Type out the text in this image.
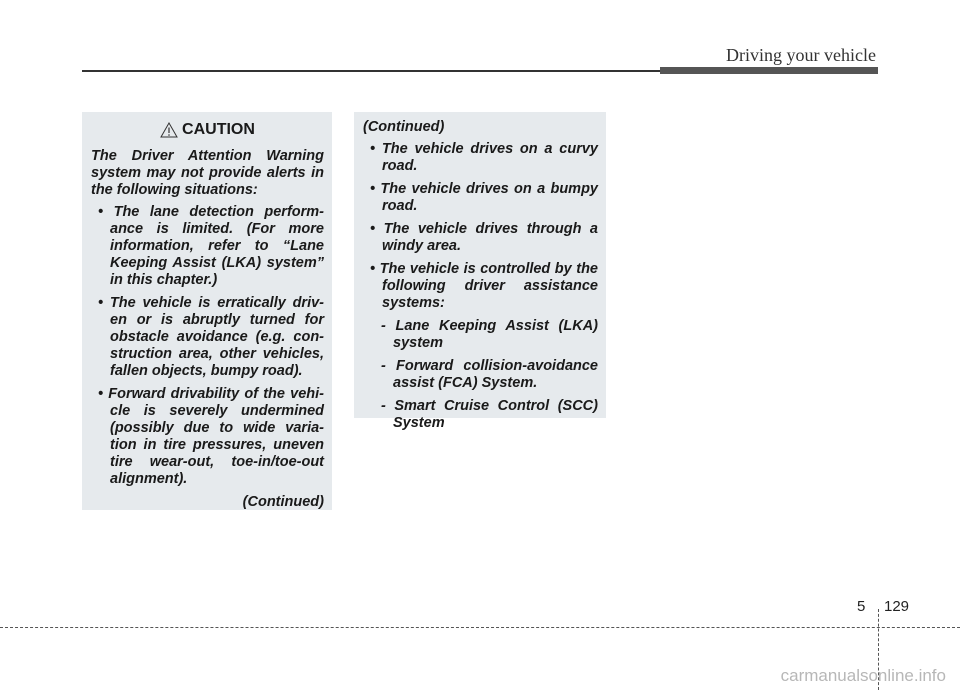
Driving your vehicle
CAUTION

The Driver Attention Warning system may not provide alerts in the following situations:

• The lane detection perform-ance is limited. (For more information, refer to “Lane Keeping Assist (LKA) system” in this chapter.)

• The vehicle is erratically driv-en or is abruptly turned for obstacle avoidance (e.g. con-struction area, other vehicles, fallen objects, bumpy road).

• Forward drivability of the vehi-cle is severely undermined (possibly due to wide varia-tion in tire pressures, uneven tire wear-out, toe-in/toe-out alignment).

(Continued)

(Continued)

• The vehicle drives on a curvy road.

• The vehicle drives on a bumpy road.

• The vehicle drives through a windy area.

• The vehicle is controlled by the following driver assistance systems:

- Lane Keeping Assist (LKA) system

- Forward collision-avoidance assist (FCA) System.

- Smart Cruise Control (SCC) System

5 129
carmanualsonline.info
